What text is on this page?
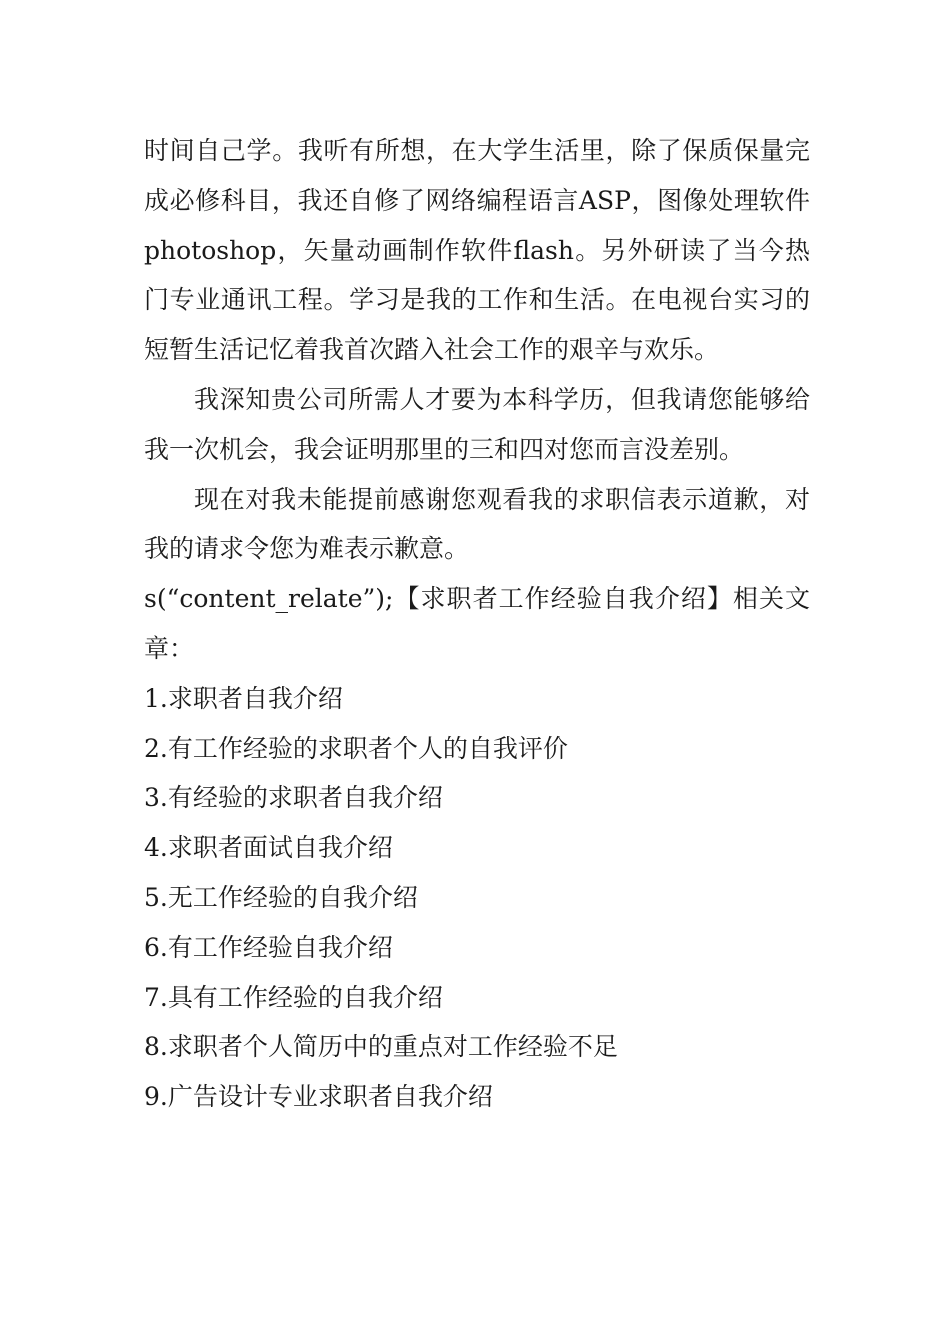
时间自己学。我听有所想，在大学生活里，除了保质保量完成必修科目，我还自修了网络编程语言ASP，图像处理软件photoshop，矢量动画制作软件flash。另外研读了当今热门专业通讯工程。学习是我的工作和生活。在电视台实习的短暂生活记忆着我首次踏入社会工作的艰辛与欢乐。

我深知贵公司所需人才要为本科学历，但我请您能够给我一次机会，我会证明那里的三和四对您而言没差别。

现在对我未能提前感谢您观看我的求职信表示道歉，对我的请求令您为难表示歉意。

s(“content_relate”);【求职者工作经验自我介绍】相关文章：

1.求职者自我介绍
2.有工作经验的求职者个人的自我评价
3.有经验的求职者自我介绍
4.求职者面试自我介绍
5.无工作经验的自我介绍
6.有工作经验自我介绍
7.具有工作经验的自我介绍
8.求职者个人简历中的重点对工作经验不足
9.广告设计专业求职者自我介绍
